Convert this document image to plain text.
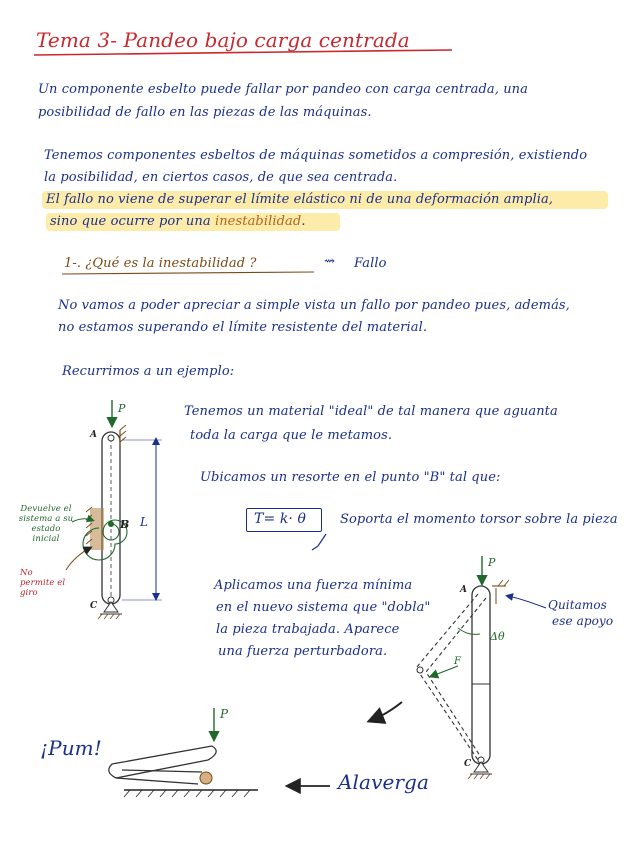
Tema 3- Pandeo bajo carga centrada
Un componente esbelto puede fallar por pandeo con carga centrada, una
posibilidad de fallo en las piezas de las máquinas.
Tenemos componentes esbeltos de máquinas sometidos a compresión, existiendo
la posibilidad, en ciertos casos, de que sea centrada.
El fallo no viene de superar el límite elástico ni de una deformación amplia,
sino que ocurre por una inestabilidad.
1-. ¿Qué es la inestabilidad ?	⇝ Fallo
No vamos a poder apreciar a simple vista un fallo por pandeo pues, además,
no estamos superando el límite resistente del material.
Recurrimos a un ejemplo:
Tenemos un material "ideal" de tal manera que aguanta
toda la carga que le metamos.
Ubicamos un resorte en el punto "B" tal que:
T= k· θ	Soporta el momento torsor sobre la pieza
Aplicamos una fuerza mínima
en el nuevo sistema que "dobla"
la pieza trabajada. Aparece
una fuerza perturbadora.
Quitamos
ese apoyo
Devuelve el sistema a su estado inicial
No permite el giro
¡Pum!
Alaverga
P
A
B
C
L
P
A
F
Δθ
C
P
